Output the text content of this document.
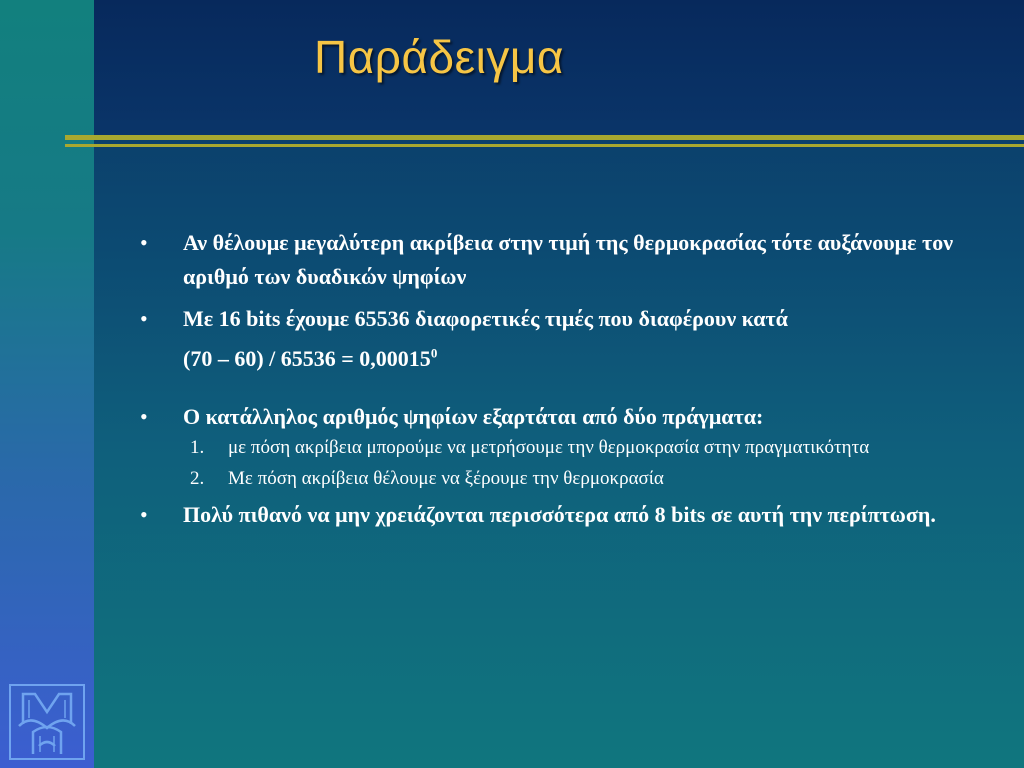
Παράδειγμα
• Αν θέλουμε μεγαλύτερη ακρίβεια στην τιμή της θερμοκρασίας τότε αυξάνουμε τον αριθμό των δυαδικών ψηφίων
• Με 16 bits έχουμε 65536 διαφορετικές τιμές που διαφέρουν κατά
$(70 - 60) / 65536 = 0,00015^0$
• Ο κατάλληλος αριθμός ψηφίων εξαρτάται από δύο πράγματα:
1. με πόση ακρίβεια μπορούμε να μετρήσουμε την θερμοκρασία στην πραγματικότητα
2. Με πόση ακρίβεια θέλουμε να ξέρουμε την θερμοκρασία
• Πολύ πιθανό να μην χρειάζονται περισσότερα από 8 bits σε αυτή την περίπτωση.
